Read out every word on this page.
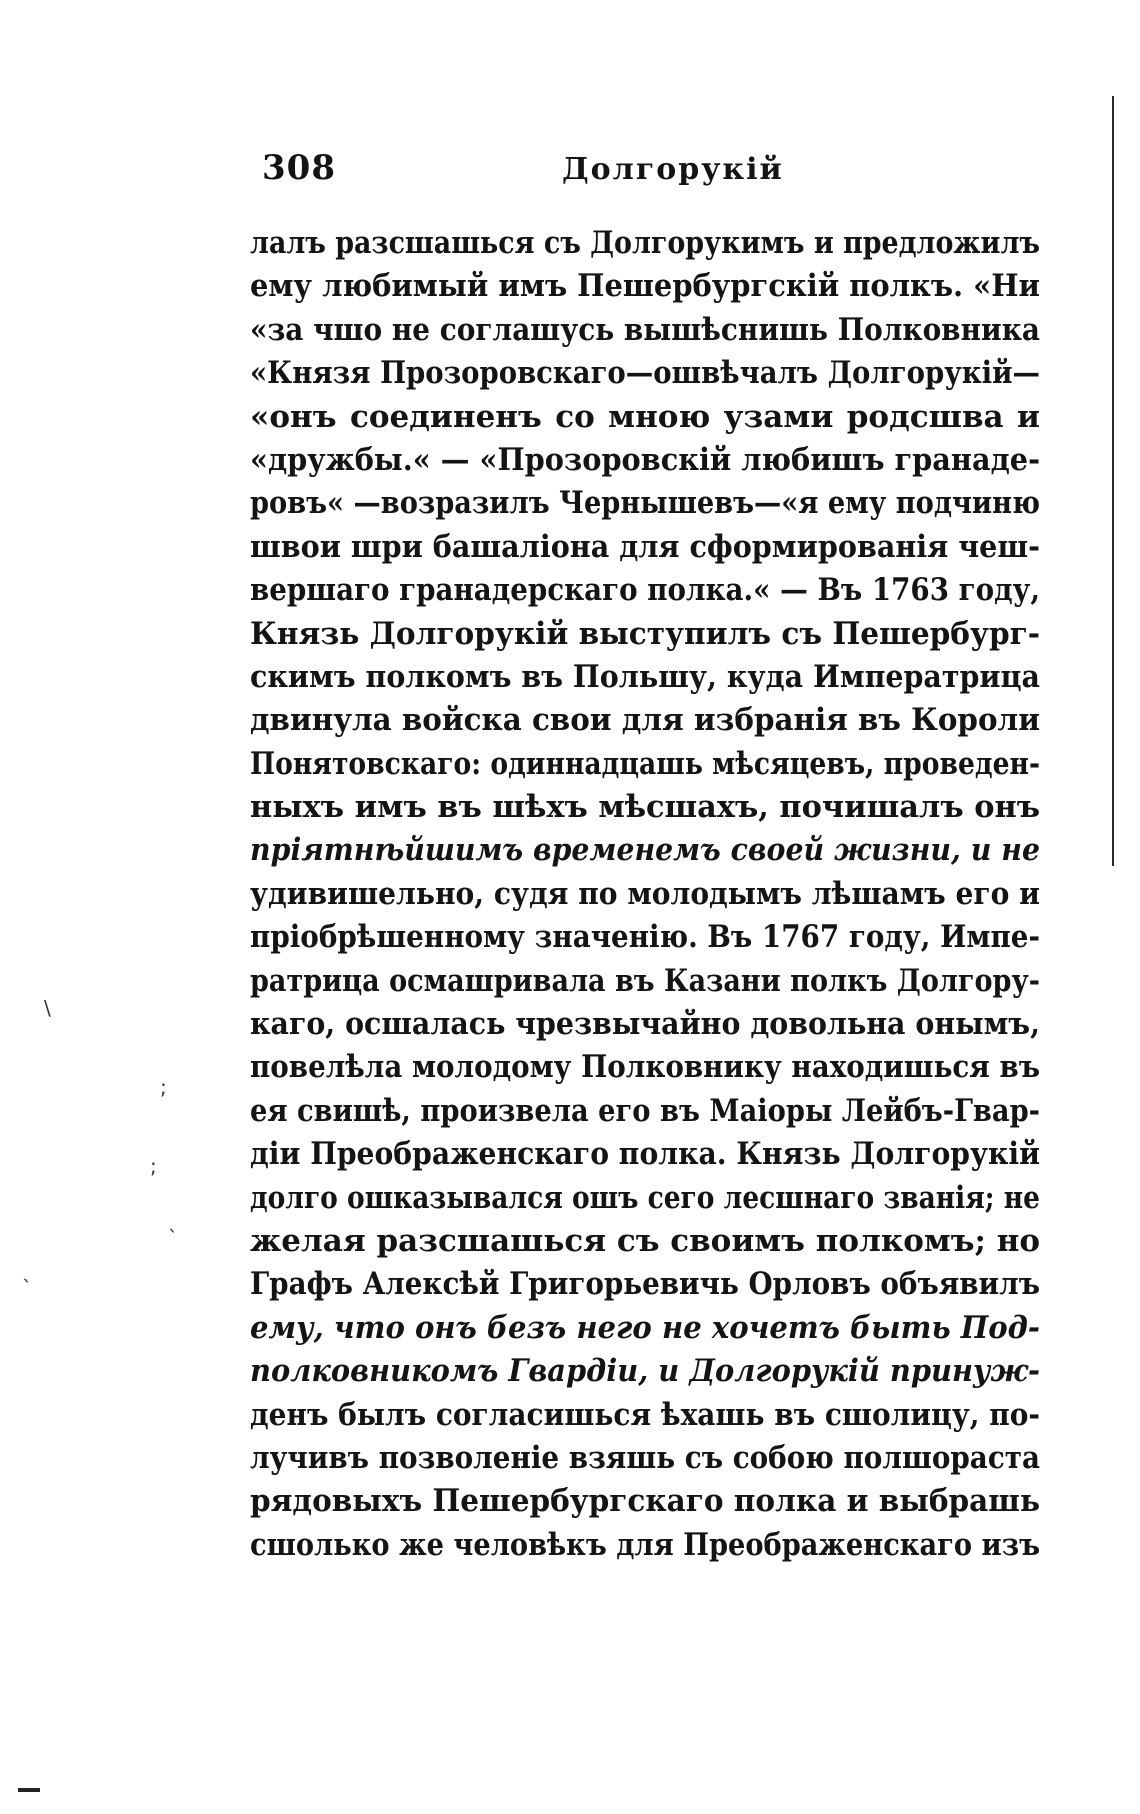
308	Долгорукій
лалъ разсшашься съ Долгорукимъ и предложилъ
ему любимый имъ Пешербургскій полкъ. «Ни
«за чшо не соглашусь вышѣснишь Полковника
«Князя Прозоровскаго—ошвѣчалъ Долгорукій—
«онъ соединенъ со мною узами родсшва и
«дружбы.« — «Прозоровскій любишъ гранаде-
ровъ« —возразилъ Чернышевъ—«я ему подчиню
швои шри башаліона для сформированія чеш-
вершаго гранадерскаго полка.« — Въ 1763 году,
Князь Долгорукій выступилъ съ Пешербург-
скимъ полкомъ въ Польшу, куда Императрица
двинула войска свои для избранія въ Короли
Понятовскаго: одиннадцашь мѣсяцевъ, проведен-
ныхъ имъ въ шѣхъ мѣсшахъ, почишалъ онъ
пріятнѣйшимъ временемъ своей жизни, и не
удивишельно, судя по молодымъ лѣшамъ его и
пріобрѣшенному значенію. Въ 1767 году, Импе-
ратрица осмашривала въ Казани полкъ Долгору-
каго, осшалась чрезвычайно довольна онымъ,
повелѣла молодому Полковнику находишься въ
ея свишѣ, произвела его въ Маіоры Лейбъ-Гвар-
діи Преображенскаго полка. Князь Долгорукій
долго ошказывался ошъ сего лесшнаго званія; не
желая разсшашься съ своимъ полкомъ; но
Графъ Алексѣй Григорьевичь Орловъ объявилъ
ему, что онъ безъ него не хочетъ быть Под-
полковникомъ Гвардіи, и Долгорукій принуж-
денъ былъ согласишься ѣхашь въ сшолицу, по-
лучивъ позволеніе взяшь съ собою полшораста
рядовыхъ Пешербургскаго полка и выбрашь
сшолько же человѣкъ для Преображенскаго изъ
\
;
;
`
`
